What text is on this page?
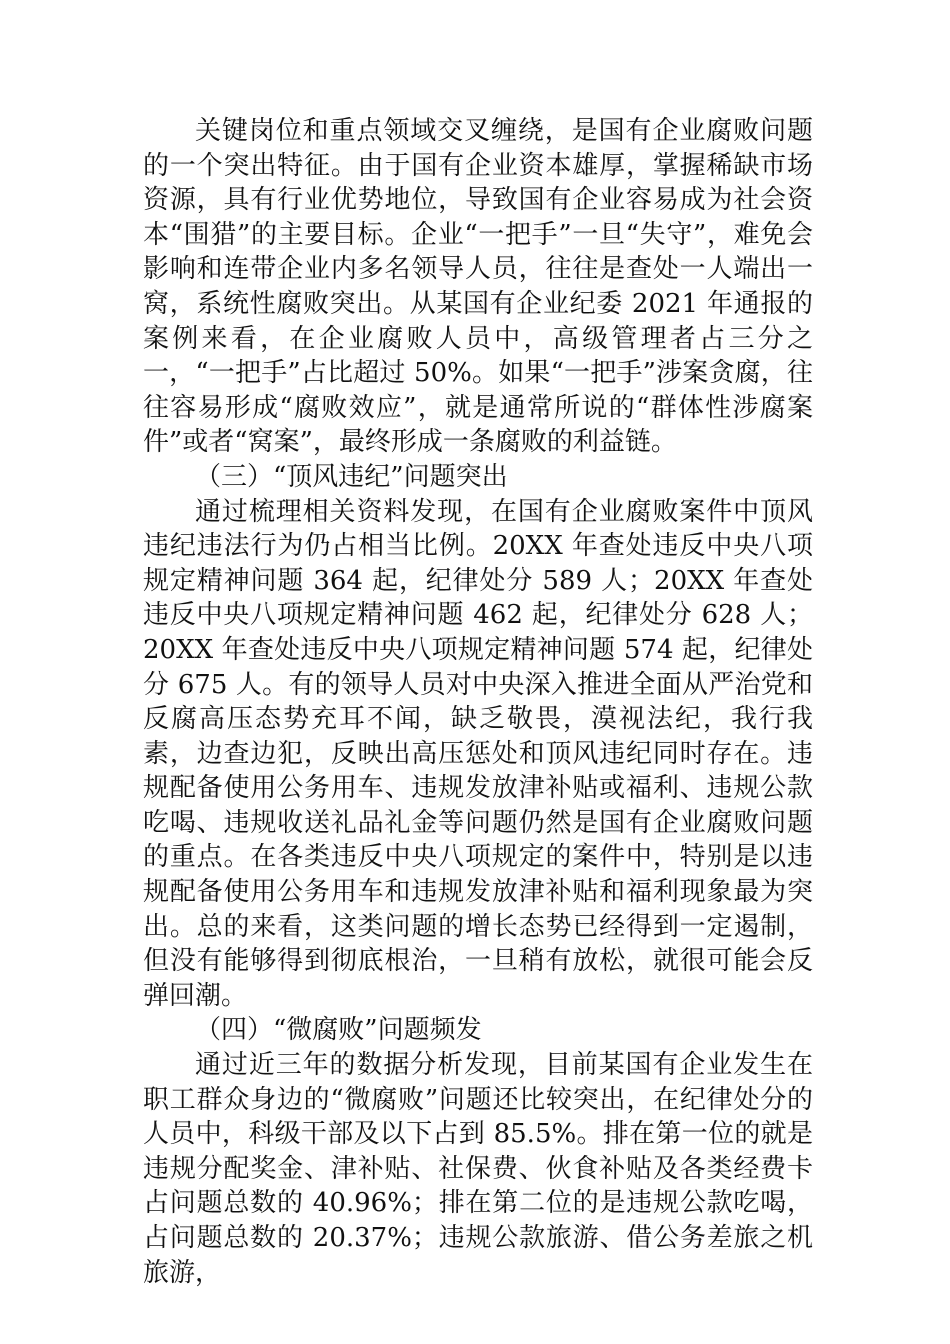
关键岗位和重点领域交叉缠绕，是国有企业腐败问题的一个突出特征。由于国有企业资本雄厚，掌握稀缺市场资源，具有行业优势地位，导致国有企业容易成为社会资本“围猎”的主要目标。企业“一把手”一旦“失守”，难免会影响和连带企业内多名领导人员，往往是查处一人端出一窝，系统性腐败突出。从某国有企业纪委 2021 年通报的案例来看，在企业腐败人员中，高级管理者占三分之一，“一把手”占比超过 50%。如果“一把手”涉案贪腐，往往容易形成“腐败效应”，就是通常所说的“群体性涉腐案件”或者“窝案”，最终形成一条腐败的利益链。

（三）“顶风违纪”问题突出

通过梳理相关资料发现，在国有企业腐败案件中顶风违纪违法行为仍占相当比例。20XX 年查处违反中央八项规定精神问题 364 起，纪律处分 589 人；20XX 年查处违反中央八项规定精神问题 462 起，纪律处分 628 人；20XX 年查处违反中央八项规定精神问题 574 起，纪律处分 675 人。有的领导人员对中央深入推进全面从严治党和反腐高压态势充耳不闻，缺乏敬畏，漠视法纪，我行我素，边查边犯，反映出高压惩处和顶风违纪同时存在。违规配备使用公务用车、违规发放津补贴或福利、违规公款吃喝、违规收送礼品礼金等问题仍然是国有企业腐败问题的重点。在各类违反中央八项规定的案件中，特别是以违规配备使用公务用车和违规发放津补贴和福利现象最为突出。总的来看，这类问题的增长态势已经得到一定遏制，但没有能够得到彻底根治，一旦稍有放松，就很可能会反弹回潮。

（四）“微腐败”问题频发

通过近三年的数据分析发现，目前某国有企业发生在职工群众身边的“微腐败”问题还比较突出，在纪律处分的人员中，科级干部及以下占到 85.5%。排在第一位的就是违规分配奖金、津补贴、社保费、伙食补贴及各类经费卡占问题总数的 40.96%；排在第二位的是违规公款吃喝，占问题总数的 20.37%；违规公款旅游、借公务差旅之机旅游，
